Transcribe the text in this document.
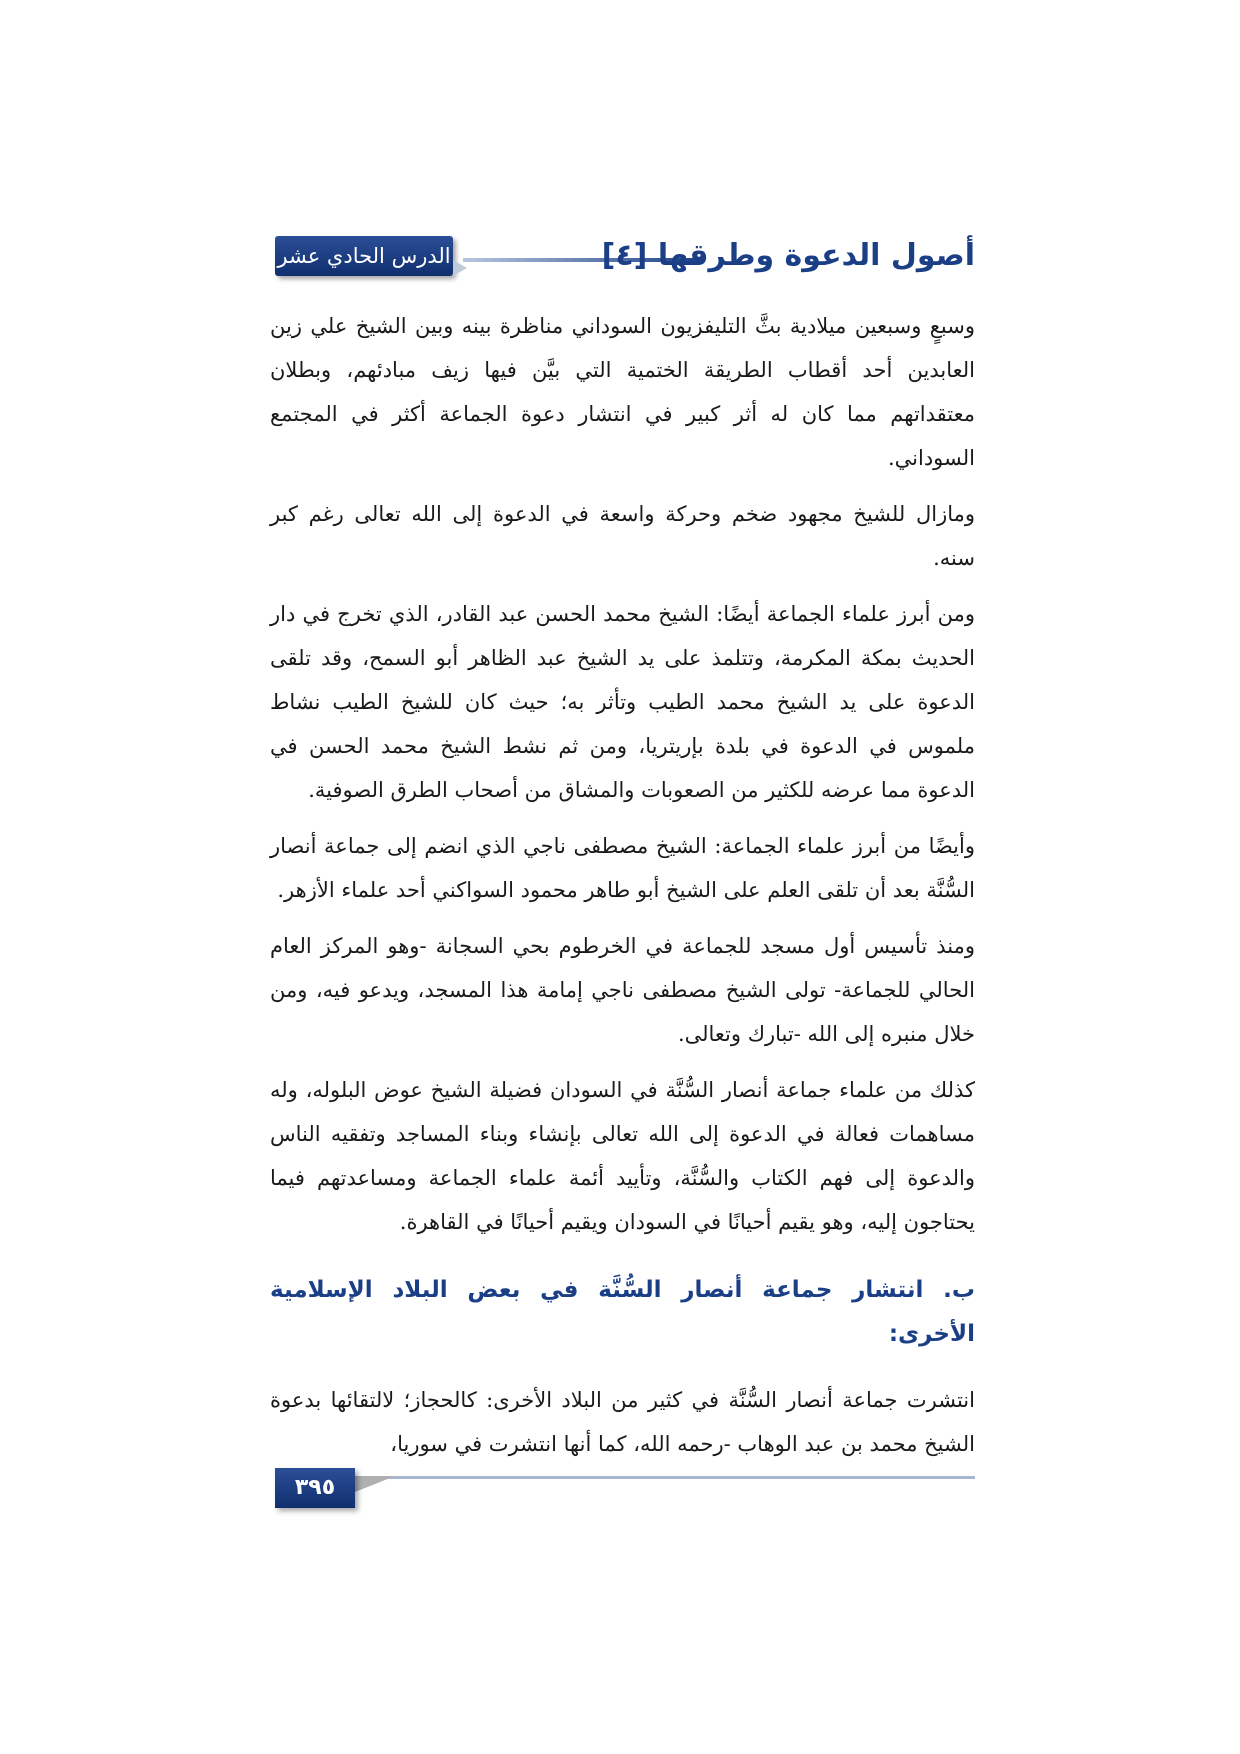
الدرس الحادي عشر	أصول الدعوة وطرقها [٤]

وسبعٍ وسبعين ميلادية بثَّ التليفزيون السوداني مناظرة بينه وبين الشيخ علي زين العابدين أحد أقطاب الطريقة الختمية التي بيَّن فيها زيف مبادئهم، وبطلان معتقداتهم مما كان له أثر كبير في انتشار دعوة الجماعة أكثر في المجتمع السوداني.

ومازال للشيخ مجهود ضخم وحركة واسعة في الدعوة إلى الله تعالى رغم كبر سنه.

ومن أبرز علماء الجماعة أيضًا: الشيخ محمد الحسن عبد القادر، الذي تخرج في دار الحديث بمكة المكرمة، وتتلمذ على يد الشيخ عبد الظاهر أبو السمح، وقد تلقى الدعوة على يد الشيخ محمد الطيب وتأثر به؛ حيث كان للشيخ الطيب نشاط ملموس في الدعوة في بلدة بإريتريا، ومن ثم نشط الشيخ محمد الحسن في الدعوة مما عرضه للكثير من الصعوبات والمشاق من أصحاب الطرق الصوفية.

وأيضًا من أبرز علماء الجماعة: الشيخ مصطفى ناجي الذي انضم إلى جماعة أنصار السُّنَّة بعد أن تلقى العلم على الشيخ أبو طاهر محمود السواكني أحد علماء الأزهر.

ومنذ تأسيس أول مسجد للجماعة في الخرطوم بحي السجانة -وهو المركز العام الحالي للجماعة- تولى الشيخ مصطفى ناجي إمامة هذا المسجد، ويدعو فيه، ومن خلال منبره إلى الله -تبارك وتعالى.

كذلك من علماء جماعة أنصار السُّنَّة في السودان فضيلة الشيخ عوض البلوله، وله مساهمات فعالة في الدعوة إلى الله تعالى بإنشاء وبناء المساجد وتفقيه الناس والدعوة إلى فهم الكتاب والسُّنَّة، وتأييد أئمة علماء الجماعة ومساعدتهم فيما يحتاجون إليه، وهو يقيم أحيانًا في السودان ويقيم أحيانًا في القاهرة.

ب. انتشار جماعة أنصار السُّنَّة في بعض البلاد الإسلامية الأخرى:

انتشرت جماعة أنصار السُّنَّة في كثير من البلاد الأخرى: كالحجاز؛ لالتقائها بدعوة الشيخ محمد بن عبد الوهاب -رحمه الله، كما أنها انتشرت في سوريا،

٣٩٥
